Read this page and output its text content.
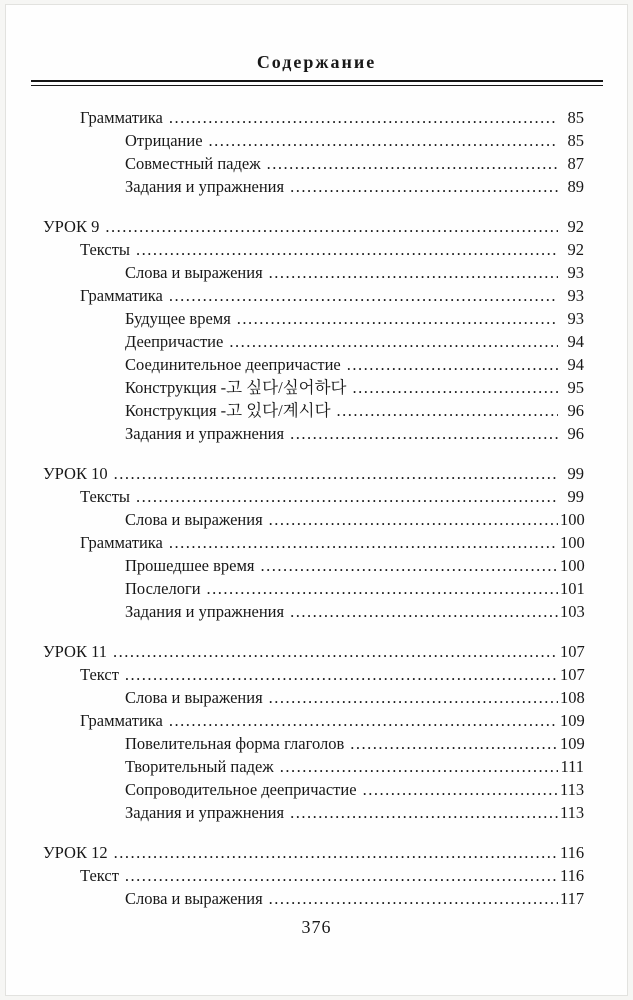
Содержание
Грамматика .....	85
Отрицание .....	85
Совместный падеж .....	87
Задания и упражнения .....	89
УРОК 9 .....	92
Тексты .....	92
Слова и выражения .....	93
Грамматика .....	93
Будущее время .....	93
Деепричастие .....	94
Соединительное деепричастие .....	94
Конструкция -고 싶다/싶어하다 .....	95
Конструкция -고 있다/계시다 .....	96
Задания и упражнения .....	96
УРОК 10 .....	99
Тексты .....	99
Слова и выражения .....	100
Грамматика .....	100
Прошедшее время .....	100
Послелоги .....	101
Задания и упражнения .....	103
УРОК 11 .....	107
Текст .....	107
Слова и выражения .....	108
Грамматика .....	109
Повелительная форма глаголов .....	109
Творительный падеж .....	111
Сопроводительное деепричастие .....	113
Задания и упражнения .....	113
УРОК 12 .....	116
Текст .....	116
Слова и выражения .....	117
376
